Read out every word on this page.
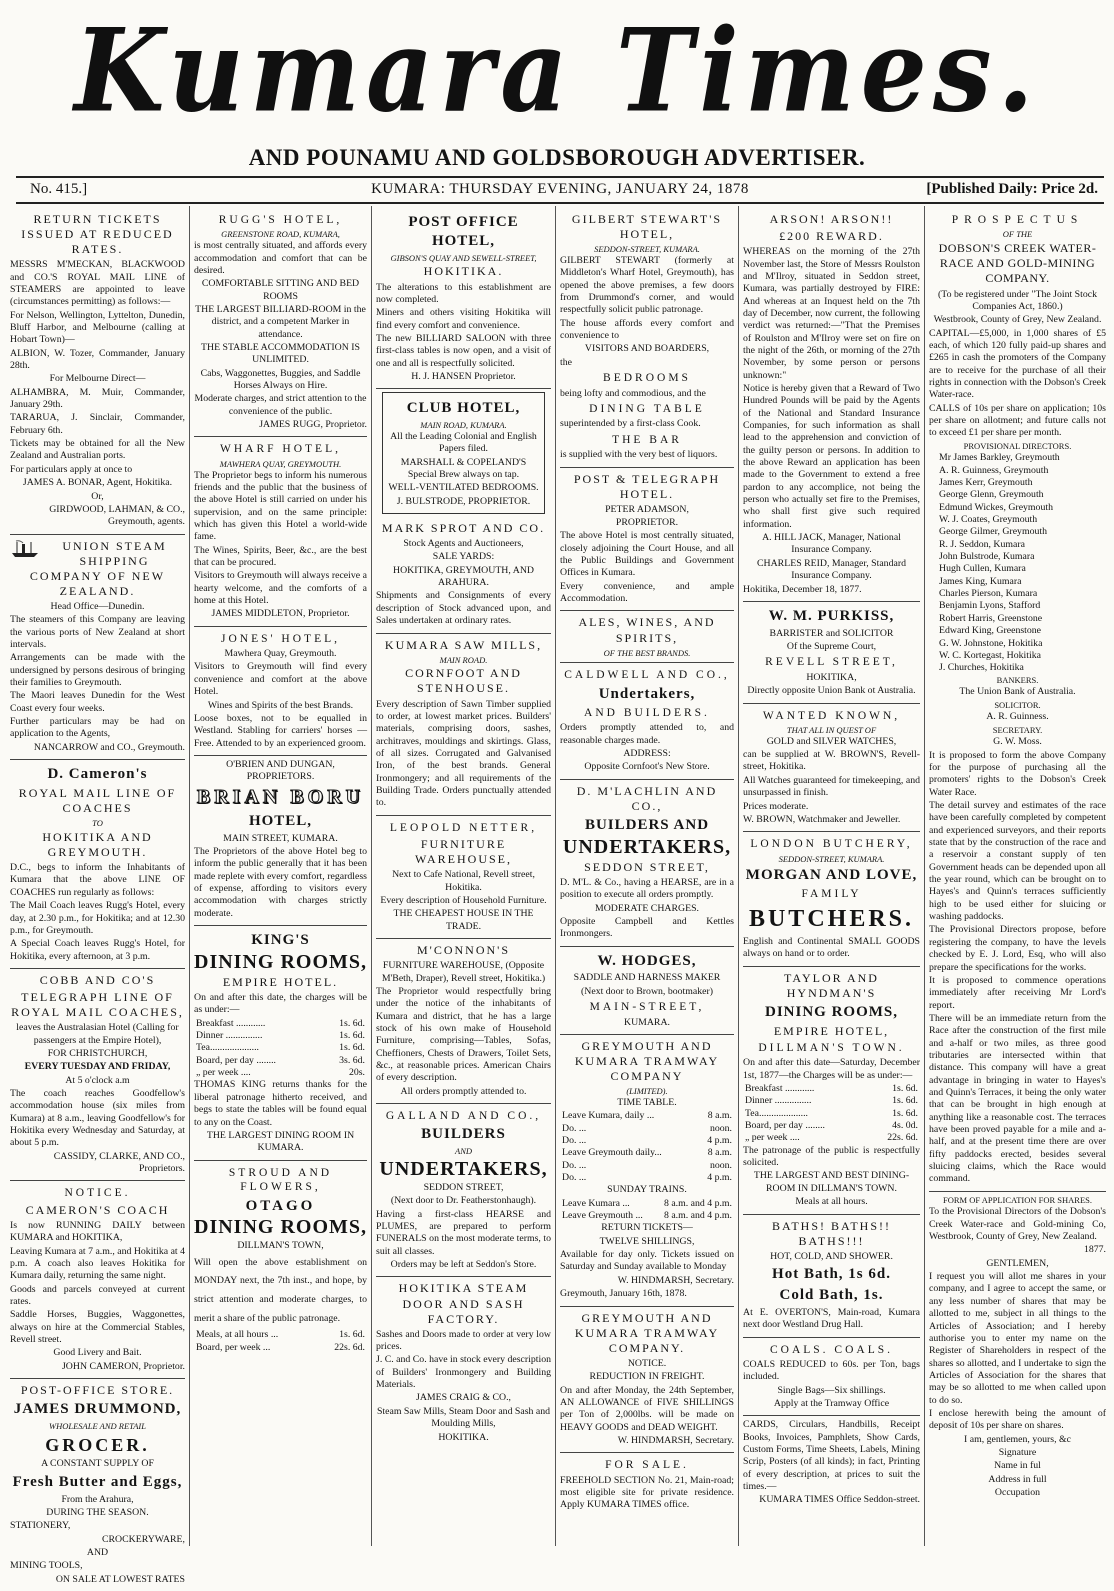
Kumara Times.
AND POUNAMU AND GOLDSBOROUGH ADVERTISER.
No. 415.]	KUMARA: THURSDAY EVENING, JANUARY 24, 1878	[Published Daily: Price 2d.
RETURN TICKETS ISSUED AT REDUCED RATES.

MESSRS M'MECKAN, BLACKWOOD and CO.'S ROYAL MAIL LINE of STEAMERS are appointed to leave (circumstances permitting) as follows:—

For Nelson, Wellington, Lyttelton, Dunedin, Bluff Harbor, and Melbourne (calling at Hobart Town)—

ALBION, W. Tozer, Commander, January 28th.

For Melbourne Direct—

ALHAMBRA, M. Muir, Commander, January 29th.

TARARUA, J. Sinclair, Commander, February 6th.

Tickets may be obtained for all the New Zealand and Australian ports.

For particulars apply at once to

JAMES A. BONAR, Agent, Hokitika.

Or,

GIRDWOOD, LAHMAN, & CO., Greymouth, agents.

UNION STEAM SHIPPING COMPANY OF NEW ZEALAND.

Head Office—Dunedin.

The steamers of this Company are leaving the various ports of New Zealand at short intervals.

Arrangements can be made with the undersigned by persons desirous of bringing their families to Greymouth.

The Maori leaves Dunedin for the West Coast every four weeks.

Further particulars may be had on application to the Agents,

NANCARROW and CO., Greymouth.

D. Cameron's
ROYAL MAIL LINE OF COACHES
TO
HOKITIKA AND GREYMOUTH.

D.C., begs to inform the Inhabitants of Kumara that the above LINE OF COACHES run regularly as follows:

The Mail Coach leaves Rugg's Hotel, every day, at 2.30 p.m., for Hokitika; and at 12.30 p.m., for Greymouth.

A Special Coach leaves Rugg's Hotel, for Hokitika, every afternoon, at 3 p.m.

COBB AND CO'S
TELEGRAPH LINE OF ROYAL MAIL COACHES,

leaves the Australasian Hotel (Calling for passengers at the Empire Hotel),

FOR CHRISTCHURCH,

EVERY TUESDAY AND FRIDAY,

At 5 o'clock a.m

The coach reaches Goodfellow's accommodation house (six miles from Kumara) at 8 a.m., leaving Goodfellow's for Hokitika every Wednesday and Saturday, at about 5 p.m.

CASSIDY, CLARKE, AND CO., Proprietors.

NOTICE.
CAMERON'S COACH

Is now RUNNING DAILY between KUMARA and HOKITIKA,

Leaving Kumara at 7 a.m., and Hokitika at 4 p.m. A coach also leaves Hokitika for Kumara daily, returning the same night.

Goods and parcels conveyed at current rates.

Saddle Horses, Buggies, Waggonettes, always on hire at the Commercial Stables, Revell street.

Good Livery and Bait.

JOHN CAMERON, Proprietor.

POST-OFFICE STORE.
JAMES DRUMMOND,
WHOLESALE AND RETAIL
GROCER.

A CONSTANT SUPPLY OF

Fresh Butter and Eggs,

From the Arahura,

DURING THE SEASON.

STATIONERY,

CROCKERYWARE,

AND

MINING TOOLS,

ON SALE AT LOWEST RATES

RUGG'S HOTEL,
GREENSTONE ROAD, KUMARA,

is most centrally situated, and affords every accommodation and comfort that can be desired.

COMFORTABLE SITTING AND BED ROOMS

THE LARGEST BILLIARD-ROOM in the district, and a competent Marker in attendance.

THE STABLE ACCOMMODATION IS UNLIMITED.

Cabs, Waggonettes, Buggies, and Saddle Horses Always on Hire.

Moderate charges, and strict attention to the convenience of the public.

JAMES RUGG, Proprietor.

WHARF HOTEL,
MAWHERA QUAY, GREYMOUTH.

The Proprietor begs to inform his numerous friends and the public that the business of the above Hotel is still carried on under his supervision, and on the same principle: which has given this Hotel a world-wide fame.

The Wines, Spirits, Beer, &c., are the best that can be procured.

Visitors to Greymouth will always receive a hearty welcome, and the comforts of a home at this Hotel.

JAMES MIDDLETON, Proprietor.

JONES' HOTEL,

Mawhera Quay, Greymouth.

Visitors to Greymouth will find every convenience and comfort at the above Hotel.

Wines and Spirits of the best Brands.

Loose boxes, not to be equalled in Westland. Stabling for carriers' horses —Free. Attended to by an experienced groom.

O'BRIEN AND DUNGAN, PROPRIETORS.

BRIAN BORU
HOTEL,

MAIN STREET, KUMARA.

The Proprietors of the above Hotel beg to inform the public generally that it has been made replete with every comfort, regardless of expense, affording to visitors every accommodation with charges strictly moderate.

KING'S
DINING ROOMS,
EMPIRE HOTEL.

On and after this date, the charges will be as under:—

Breakfast ............	1s. 6d.
Dinner ...............	1s. 6d.
Tea....................	1s. 6d.
Board, per day ........	3s. 6d.
„ per week ....	20s.

THOMAS KING returns thanks for the liberal patronage hitherto received, and begs to state the tables will be found equal to any on the Coast.

THE LARGEST DINING ROOM IN KUMARA.

STROUD AND FLOWERS,
OTAGO
DINING ROOMS,

DILLMAN'S TOWN,

Will open the above establishment on MONDAY next, the 7th inst., and hope, by strict attention and moderate charges, to merit a share of the public patronage.

Meals, at all hours ...	1s. 6d.
Board, per week ...	22s. 6d.
POST OFFICE HOTEL,
GIBSON'S QUAY AND SEWELL-STREET,
HOKITIKA.

The alterations to this establishment are now completed.

Miners and others visiting Hokitika will find every comfort and convenience.

The new BILLIARD SALOON with three first-class tables is now open, and a visit of one and all is respectfully solicited.

H. J. HANSEN Proprietor.

CLUB HOTEL,
MAIN ROAD, KUMARA.

All the Leading Colonial and English Papers filed.

MARSHALL & COPELAND'S Special Brew always on tap.

WELL-VENTILATED BEDROOMS.

J. BULSTRODE, PROPRIETOR.

MARK SPROT AND CO.

Stock Agents and Auctioneers,

SALE YARDS:

HOKITIKA, GREYMOUTH, AND ARAHURA.

Shipments and Consignments of every description of Stock advanced upon, and Sales undertaken at ordinary rates.

KUMARA SAW MILLS,
MAIN ROAD.
CORNFOOT AND STENHOUSE.

Every description of Sawn Timber supplied to order, at lowest market prices. Builders' materials, comprising doors, sashes, architraves, mouldings and skirtings. Glass, of all sizes. Corrugated and Galvanised Iron, of the best brands. General Ironmongery; and all requirements of the Building Trade. Orders punctually attended to.

LEOPOLD NETTER,
FURNITURE WAREHOUSE,

Next to Cafe National, Revell street, Hokitika.

Every description of Household Furniture.

THE CHEAPEST HOUSE IN THE TRADE.

M'CONNON'S

FURNITURE WAREHOUSE, (Opposite M'Beth, Draper), Revell street, Hokitika.)

The Proprietor would respectfully bring under the notice of the inhabitants of Kumara and district, that he has a large stock of his own make of Household Furniture, comprising—Tables, Sofas, Cheffioners, Chests of Drawers, Toilet Sets, &c., at reasonable prices. American Chairs of every description.

All orders promptly attended to.

GALLAND AND CO.,
BUILDERS
AND
UNDERTAKERS,

SEDDON STREET,

(Next door to Dr. Featherstonhaugh).

Having a first-class HEARSE and PLUMES, are prepared to perform FUNERALS on the most moderate terms, to suit all classes.

Orders may be left at Seddon's Store.

HOKITIKA STEAM DOOR AND SASH FACTORY.

Sashes and Doors made to order at very low prices.

J. C. and Co. have in stock every description of Builders' Ironmongery and Building Materials.

JAMES CRAIG & CO.,

Steam Saw Mills, Steam Door and Sash and Moulding Mills,

HOKITIKA.

GILBERT STEWART'S HOTEL,
SEDDON-STREET, KUMARA.

GILBERT STEWART (formerly at Middleton's Wharf Hotel, Greymouth), has opened the above premises, a few doors from Drummond's corner, and would respectfully solicit public patronage.

The house affords every comfort and convenience to

VISITORS AND BOARDERS,

the

BEDROOMS

being lofty and commodious, and the

DINING TABLE

superintended by a first-class Cook.

THE BAR

is supplied with the very best of liquors.

POST & TELEGRAPH HOTEL.

PETER ADAMSON,

PROPRIETOR.

The above Hotel is most centrally situated, closely adjoining the Court House, and all the Public Buildings and Government Offices in Kumara.

Every convenience, and ample Accommodation.

ALES, WINES, AND SPIRITS,
OF THE BEST BRANDS.
CALDWELL AND CO.,
Undertakers,
AND BUILDERS.

Orders promptly attended to, and reasonable charges made.

ADDRESS:

Opposite Cornfoot's New Store.

D. M'LACHLIN AND CO.,
BUILDERS AND
UNDERTAKERS,
SEDDON STREET,

D. M'L. & Co., having a HEARSE, are in a position to execute all orders promptly.

MODERATE CHARGES.

Opposite Campbell and Kettles Ironmongers.

W. HODGES,

SADDLE AND HARNESS MAKER

(Next door to Brown, bootmaker)

MAIN-STREET,

KUMARA.

GREYMOUTH AND KUMARA TRAMWAY COMPANY
(LIMITED).

TIME TABLE.

Leave Kumara, daily ...	8 a.m.
Do. ...	noon.
Do. ...	4 p.m.
Leave Greymouth daily...	8 a.m.
Do. ...	noon.
Do. ...	4 p.m.

SUNDAY TRAINS.

Leave Kumara ...	8 a.m. and 4 p.m.
Leave Greymouth ...	8 a.m. and 4 p.m.

RETURN TICKETS—

TWELVE SHILLINGS,

Available for day only. Tickets issued on Saturday and Sunday available to Monday

W. HINDMARSH, Secretary.

Greymouth, January 16th, 1878.

GREYMOUTH AND KUMARA TRAMWAY COMPANY.

NOTICE.

REDUCTION IN FREIGHT.

On and after Monday, the 24th September, AN ALLOWANCE of FIVE SHILLINGS per Ton of 2,000lbs. will be made on HEAVY GOODS and DEAD WEIGHT.

W. HINDMARSH, Secretary.

FOR SALE.

FREEHOLD SECTION No. 21, Main-road; most eligible site for private residence. Apply KUMARA TIMES office.

ARSON! ARSON!!
£200 REWARD.

WHEREAS on the morning of the 27th November last, the Store of Messrs Roulston and M'Ilroy, situated in Seddon street, Kumara, was partially destroyed by FIRE: And whereas at an Inquest held on the 7th day of December, now current, the following verdict was returned:—"That the Premises of Roulston and M'Ilroy were set on fire on the night of the 26th, or morning of the 27th November, by some person or persons unknown:"

Notice is hereby given that a Reward of Two Hundred Pounds will be paid by the Agents of the National and Standard Insurance Companies, for such information as shall lead to the apprehension and conviction of the guilty person or persons. In addition to the above Reward an application has been made to the Government to extend a free pardon to any accomplice, not being the person who actually set fire to the Premises, who shall first give such required information.

A. HILL JACK, Manager, National Insurance Company.

CHARLES REID, Manager, Standard Insurance Company.

Hokitika, December 18, 1877.

W. M. PURKISS,

BARRISTER and SOLICITOR

Of the Supreme Court,

REVELL STREET,

HOKITIKA,

Directly opposite Union Bank ot Australia.

WANTED KNOWN,
THAT ALL IN QUEST OF

GOLD and SILVER WATCHES,

can be supplied at W. BROWN'S, Revell-street, Hokitika.

All Watches guaranteed for timekeeping, and unsurpassed in finish.

Prices moderate.

W. BROWN, Watchmaker and Jeweller.

LONDON BUTCHERY,
SEDDON-STREET, KUMARA.
MORGAN AND LOVE,
FAMILY
BUTCHERS.

English and Continental SMALL GOODS always on hand or to order.

TAYLOR AND HYNDMAN'S
DINING ROOMS,
EMPIRE HOTEL,
DILLMAN'S TOWN.

On and after this date—Saturday, December 1st, 1877—the Charges will be as under:—

Breakfast ............	1s. 6d.
Dinner ...............	1s. 6d.
Tea....................	1s. 6d.
Board, per day ........	4s. 0d.
„ per week ....	22s. 6d.

The patronage of the public is respectfully solicited.

THE LARGEST AND BEST DINING-ROOM IN DILLMAN'S TOWN.

Meals at all hours.

BATHS! BATHS!! BATHS!!!

HOT, COLD, AND SHOWER.

Hot Bath, 1s 6d.
Cold Bath, 1s.

At E. OVERTON'S, Main-road, Kumara next door Westland Drug Hall.

COALS. COALS.

COALS REDUCED to 60s. per Ton, bags included.

Single Bags—Six shillings.

Apply at the Tramway Office

CARDS, Circulars, Handbills, Receipt Books, Invoices, Pamphlets, Show Cards, Custom Forms, Time Sheets, Labels, Mining Scrip, Posters (of all kinds); in fact, Printing of every description, at prices to suit the times.—

KUMARA TIMES Office Seddon-street.

PROSPECTUS
OF THE
DOBSON'S CREEK WATER-RACE AND GOLD-MINING COMPANY.

(To be registered under "The Joint Stock Companies Act, 1860.)

Westbrook, County of Grey, New Zealand.

CAPITAL—£5,000, in 1,000 shares of £5 each, of which 120 fully paid-up shares and £265 in cash the promoters of the Company are to receive for the purchase of all their rights in connection with the Dobson's Creek Water-race.

CALLS of 10s per share on application; 10s per share on allotment; and future calls not to exceed £1 per share per month.

PROVISIONAL DIRECTORS.

Mr James Barkley, Greymouth
A. R. Guinness, Greymouth
James Kerr, Greymouth
George Glenn, Greymouth
Edmund Wickes, Greymouth
W. J. Coates, Greymouth
George Gilmer, Greymouth
R. J. Seddon, Kumara
John Bulstrode, Kumara
Hugh Cullen, Kumara
James King, Kumara
Charles Pierson, Kumara
Benjamin Lyons, Stafford
Robert Harris, Greenstone
Edward King, Greenstone
G. W. Johnstone, Hokitika
W. C. Kortegast, Hokitika
J. Churches, Hokitika

BANKERS.

The Union Bank of Australia.

SOLICITOR.

A. R. Guinness.

SECRETARY.

G. W. Moss.

It is proposed to form the above Company for the purpose of purchasing all the promoters' rights to the Dobson's Creek Water Race.

The detail survey and estimates of the race have been carefully completed by competent and experienced surveyors, and their reports state that by the construction of the race and a reservoir a constant supply of ten Government heads can be depended upon all the year round, which can be brought on to Hayes's and Quinn's terraces sufficiently high to be used either for sluicing or washing paddocks.

The Provisional Directors propose, before registering the company, to have the levels checked by E. J. Lord, Esq, who will also prepare the specifications for the works.

It is proposed to commence operations immediately after receiving Mr Lord's report.

There will be an immediate return from the Race after the construction of the first mile and a-half or two miles, as three good tributaries are intersected within that distance. This company will have a great advantage in bringing in water to Hayes's and Quinn's Terraces, it being the only water that can be brought in high enough at anything like a reasonable cost. The terraces have been proved payable for a mile and a-half, and at the present time there are over fifty paddocks erected, besides several sluicing claims, which the Race would command.

FORM OF APPLICATION FOR SHARES.

To the Provisional Directors of the Dobson's Creek Water-race and Gold-mining Co, Westbrook, County of Grey, New Zealand.

1877.

GENTLEMEN,

I request you will allot me shares in your company, and I agree to accept the same, or any less number of shares that may be allotted to me, subject in all things to the Articles of Association; and I hereby authorise you to enter my name on the Register of Shareholders in respect of the shares so allotted, and I undertake to sign the Articles of Association for the shares that may be so allotted to me when called upon to do so.

I enclose herewith being the amount of deposit of 10s per share on shares.

I am, gentlemen, yours, &c

Signature

Name in ful

Address in full

Occupation
